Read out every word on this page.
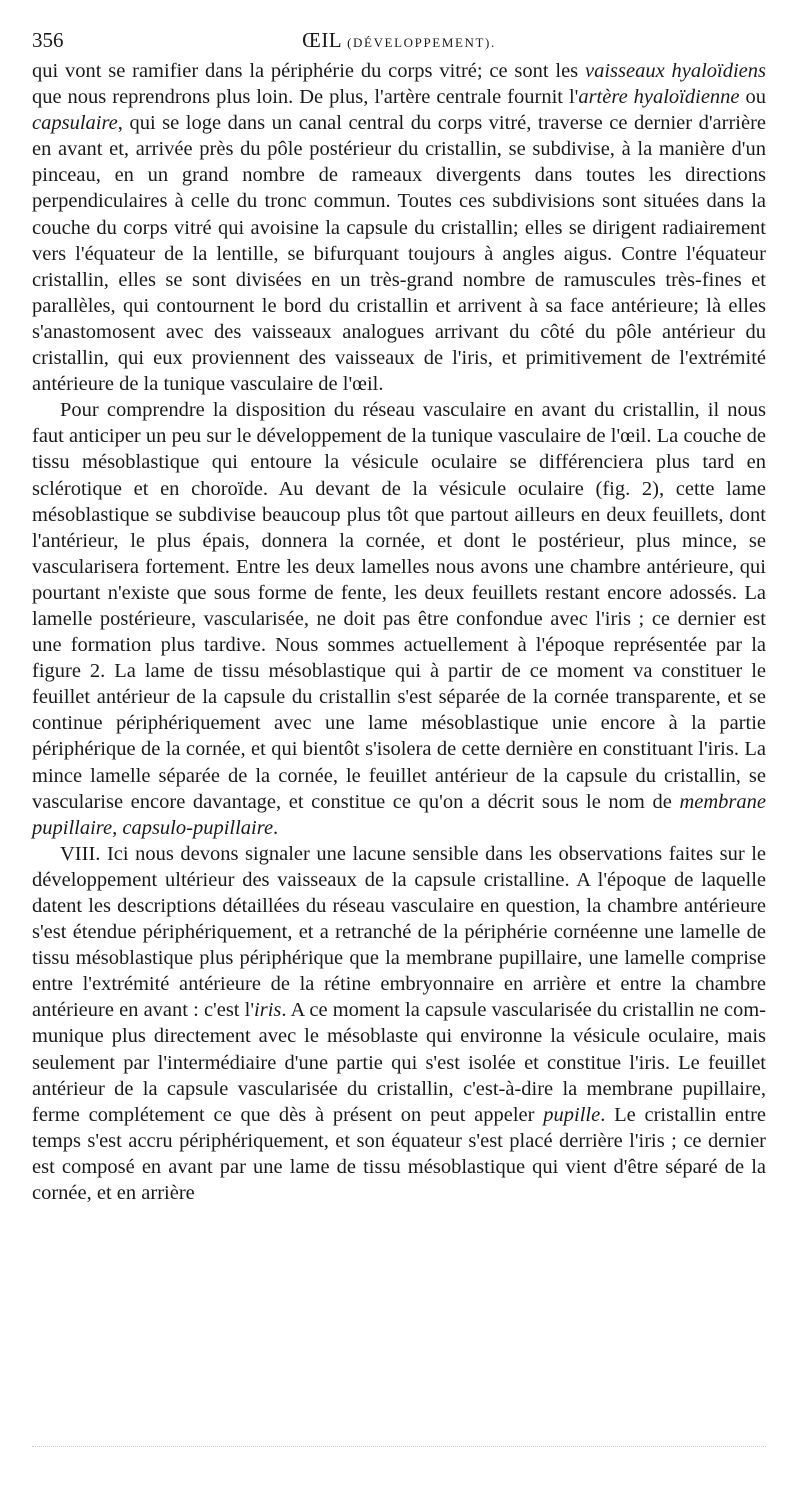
356	ŒIL (DÉVELOPPEMENT).

qui vont se ramifier dans la périphérie du corps vitré; ce sont les vaisseaux hyaloïdiens que nous reprendrons plus loin. De plus, l'artère centrale fournit l'artère hyaloïdienne ou capsulaire, qui se loge dans un canal central du corps vitré, traverse ce dernier d'arrière en avant et, arrivée près du pôle postérieur du cristallin, se subdivise, à la manière d'un pinceau, en un grand nombre de rameaux divergents dans toutes les directions perpendiculaires à celle du tronc commun. Toutes ces subdivisions sont situées dans la couche du corps vitré qui avoisine la capsule du cristallin; elles se dirigent radiairement vers l'équateur de la lentille, se bifurquant toujours à angles aigus. Contre l'équateur cristallin, elles se sont divisées en un très-grand nombre de ramuscules très-fines et parallèles, qui contournent le bord du cristallin et arrivent à sa face antérieure; là elles s'anastomosent avec des vaisseaux analogues arrivant du côté du pôle antérieur du cristallin, qui eux proviennent des vaisseaux de l'iris, et primitivement de l'extrémité antérieure de la tunique vasculaire de l'œil.

Pour comprendre la disposition du réseau vasculaire en avant du cristallin, il nous faut anticiper un peu sur le développement de la tunique vasculaire de l'œil. La couche de tissu mésoblastique qui entoure la vésicule oculaire se différenciera plus tard en sclérotique et en choroïde. Au devant de la vésicule oculaire (fig. 2), cette lame mésoblastique se subdivise beaucoup plus tôt que partout ailleurs en deux feuillets, dont l'antérieur, le plus épais, donnera la cornée, et dont le postérieur, plus mince, se vascularisera fortement. Entre les deux lamelles nous avons une chambre antérieure, qui pourtant n'existe que sous forme de fente, les deux feuillets restant encore adossés. La lamelle postérieure, vascularisée, ne doit pas être confondue avec l'iris ; ce dernier est une formation plus tardive. Nous sommes actuellement à l'époque représentée par la figure 2. La lame de tissu mésoblastique qui à partir de ce moment va constituer le feuillet antérieur de la capsule du cristallin s'est séparée de la cornée transparente, et se continue périphériquement avec une lame mésoblastique unie encore à la partie périphérique de la cornée, et qui bientôt s'isolera de cette dernière en constituant l'iris. La mince lamelle séparée de la cornée, le feuillet antérieur de la capsule du cristallin, se vascularise encore davantage, et constitue ce qu'on a décrit sous le nom de membrane pupillaire, capsulo-pupillaire.

VIII. Ici nous devons signaler une lacune sensible dans les observations faites sur le développement ultérieur des vaisseaux de la capsule cristalline. A l'époque de laquelle datent les descriptions détaillées du réseau vasculaire en question, la chambre antérieure s'est étendue périphériquement, et a retranché de la périphérie cornéenne une lamelle de tissu mésoblastique plus périphérique que la membrane pupillaire, une lamelle comprise entre l'extrémité antérieure de la rétine embryonnaire en arrière et entre la chambre antérieure en avant : c'est l'iris. A ce moment la capsule vascularisée du cristallin ne communique plus directement avec le mésoblaste qui environne la vésicule oculaire, mais seulement par l'intermédiaire d'une partie qui s'est isolée et constitue l'iris. Le feuillet antérieur de la capsule vascularisée du cristallin, c'est-à-dire la membrane pupillaire, ferme complétement ce que dès à présent on peut appeler pupille. Le cristallin entre temps s'est accru périphériquement, et son équateur s'est placé derrière l'iris ; ce dernier est composé en avant par une lame de tissu mésoblastique qui vient d'être séparé de la cornée, et en arrière
